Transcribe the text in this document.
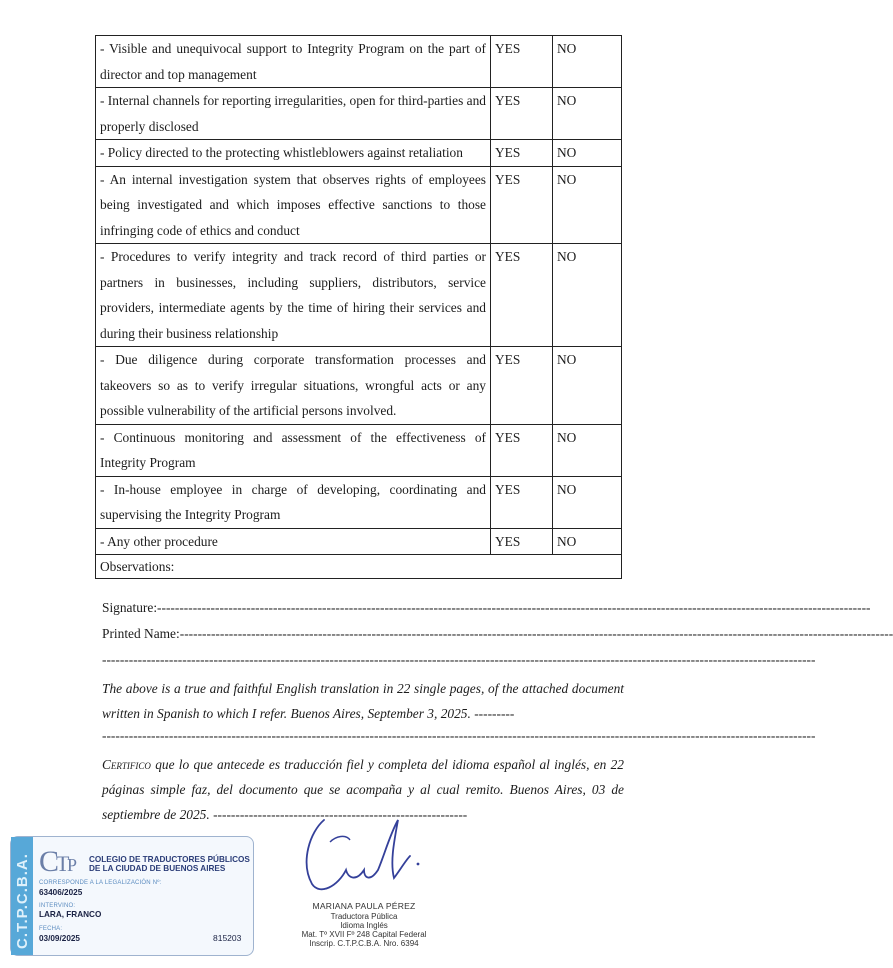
- Visible and unequivocal support to Integrity Program on the part of director and top management	YES	NO
- Internal channels for reporting irregularities, open for third-parties and properly disclosed	YES	NO
- Policy directed to the protecting whistleblowers against retaliation	YES	NO
- An internal investigation system that observes rights of employees being investigated and which imposes effective sanctions to those infringing code of ethics and conduct	YES	NO
- Procedures to verify integrity and track record of third parties or partners in businesses, including suppliers, distributors, service providers, intermediate agents by the time of hiring their services and during their business relationship	YES	NO
- Due diligence during corporate transformation processes and takeovers so as to verify irregular situations, wrongful acts or any possible vulnerability of the artificial persons involved.	YES	NO
- Continuous monitoring and assessment of the effectiveness of Integrity Program	YES	NO
- In-house employee in charge of developing, coordinating and supervising the Integrity Program	YES	NO
- Any other procedure	YES	NO
Observations:		
Signature:----------------------------------------------------------------------------------------------------------------------------------------------------------------
Printed Name:----------------------------------------------------------------------------------------------------------------------------------------------------------------
----------------------------------------------------------------------------------------------------------------------------------------------------------------
The above is a true and faithful English translation in 22 single pages, of the attached document written in Spanish to which I refer. Buenos Aires, September 3, 2025. ---------
----------------------------------------------------------------------------------------------------------------------------------------------------------------
Certifico que lo que antecede es traducción fiel y completa del idioma español al inglés, en 22 páginas simple faz, del documento que se acompaña y al cual remito. Buenos Aires, 03 de septiembre de 2025. ---------------------------------------------------------
C.T.P.C.B.A. C
T
P COLEGIO DE TRADUCTORES PÚBLICOS
DE LA CIUDAD DE BUENOS AIRES
CORRESPONDE A LA LEGALIZACIÓN Nº:
63406/2025
INTERVINO:
LARA, FRANCO
FECHA:
03/09/2025	815203
MARIANA PAULA PÉREZ
Traductora Pública
Idioma Inglés
Mat. Tº XVII Fº 248 Capital Federal
Inscrip. C.T.P.C.B.A. Nro. 6394
